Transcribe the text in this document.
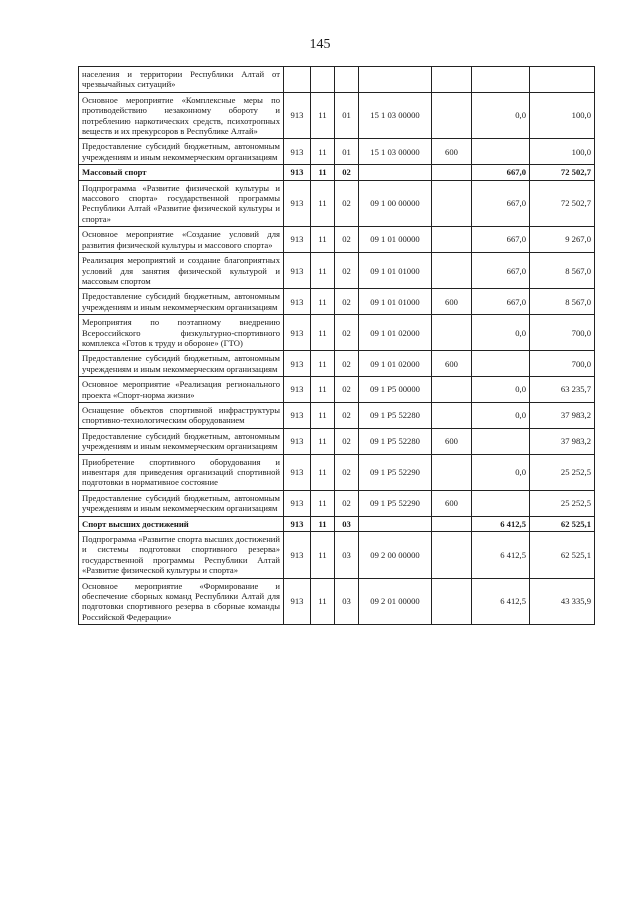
145
населения и территории Республики Алтай от чрезвычайных ситуаций»							
Основное мероприятие «Комплексные меры по противодействию незаконному обороту и потреблению наркотических средств, психотропных веществ и их прекурсоров в Республике Алтай»	913	11	01	15 1 03 00000		0,0	100,0
Предоставление субсидий бюджетным, автономным учреждениям и иным некоммерческим организациям	913	11	01	15 1 03 00000	600		100,0
Массовый спорт	913	11	02			667,0	72 502,7
Подпрограмма «Развитие физической культуры и массового спорта» государственной программы Республики Алтай «Развитие физической культуры и спорта»	913	11	02	09 1 00 00000		667,0	72 502,7
Основное мероприятие «Создание условий для развития физической культуры и массового спорта»	913	11	02	09 1 01 00000		667,0	9 267,0
Реализация мероприятий и создание благоприятных условий для занятия физической культурой и массовым спортом	913	11	02	09 1 01 01000		667,0	8 567,0
Предоставление субсидий бюджетным, автономным учреждениям и иным некоммерческим организациям	913	11	02	09 1 01 01000	600	667,0	8 567,0
Мероприятия по поэтапному внедрению Всероссийского физкультурно-спортивного комплекса «Готов к труду и обороне» (ГТО)	913	11	02	09 1 01 02000		0,0	700,0
Предоставление субсидий бюджетным, автономным учреждениям и иным некоммерческим организациям	913	11	02	09 1 01 02000	600		700,0
Основное мероприятие «Реализация регионального проекта «Спорт-норма жизни»	913	11	02	09 1 P5 00000		0,0	63 235,7
Оснащение объектов спортивной инфраструктуры спортивно-технологическим оборудованием	913	11	02	09 1 P5 52280		0,0	37 983,2
Предоставление субсидий бюджетным, автономным учреждениям и иным некоммерческим организациям	913	11	02	09 1 P5 52280	600		37 983,2
Приобретение спортивного оборудования и инвентаря для приведения организаций спортивной подготовки в нормативное состояние	913	11	02	09 1 P5 52290		0,0	25 252,5
Предоставление субсидий бюджетным, автономным учреждениям и иным некоммерческим организациям	913	11	02	09 1 P5 52290	600		25 252,5
Спорт высших достижений	913	11	03			6 412,5	62 525,1
Подпрограмма «Развитие спорта высших достижений и системы подготовки спортивного резерва» государственной программы Республики Алтай «Развитие физической культуры и спорта»	913	11	03	09 2 00 00000		6 412,5	62 525,1
Основное мероприятие «Формирование и обеспечение сборных команд Республики Алтай для подготовки спортивного резерва в сборные команды Российской Федерации»	913	11	03	09 2 01 00000		6 412,5	43 335,9
